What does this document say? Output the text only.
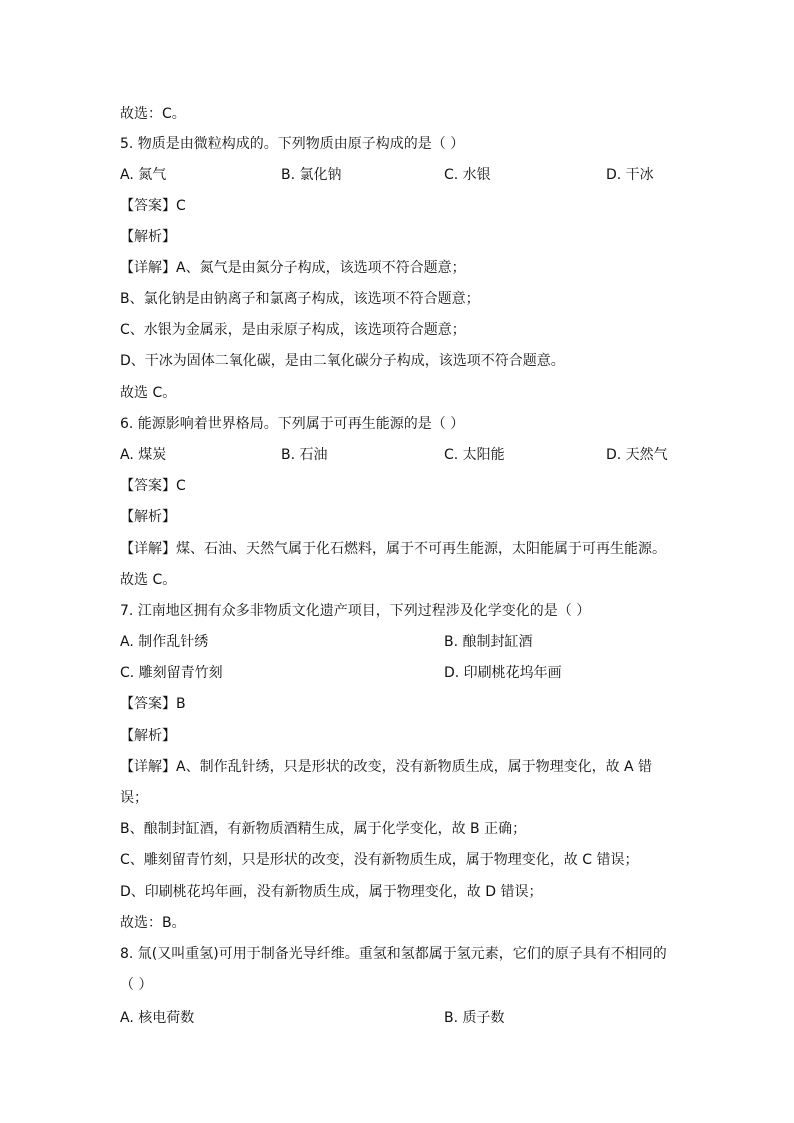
故选：C。
5. 物质是由微粒构成的。下列物质由原子构成的是（ ）
A. 氮气	B. 氯化钠	C. 水银	D. 干冰
【答案】C
【解析】
【详解】A、氮气是由氮分子构成，该选项不符合题意；
B、氯化钠是由钠离子和氯离子构成，该选项不符合题意；
C、水银为金属汞，是由汞原子构成，该选项符合题意；
D、干冰为固体二氧化碳，是由二氧化碳分子构成，该选项不符合题意。
故选 C。
6. 能源影响着世界格局。下列属于可再生能源的是（ ）
A. 煤炭	B. 石油	C. 太阳能	D. 天然气
【答案】C
【解析】
【详解】煤、石油、天然气属于化石燃料，属于不可再生能源，太阳能属于可再生能源。
故选 C。
7. 江南地区拥有众多非物质文化遗产项目，下列过程涉及化学变化的是（ ）
A. 制作乱针绣	B. 酿制封缸酒
C. 雕刻留青竹刻	D. 印刷桃花坞年画
【答案】B
【解析】
【详解】A、制作乱针绣，只是形状的改变，没有新物质生成，属于物理变化，故 A 错
误；
B、酿制封缸酒，有新物质酒精生成，属于化学变化，故 B 正确；
C、雕刻留青竹刻，只是形状的改变，没有新物质生成，属于物理变化，故 C 错误；
D、印刷桃花坞年画，没有新物质生成，属于物理变化，故 D 错误；
故选：B。
8. 氚(又叫重氢)可用于制备光导纤维。重氢和氢都属于氢元素，它们的原子具有不相同的
（ ）
A. 核电荷数	B. 质子数
